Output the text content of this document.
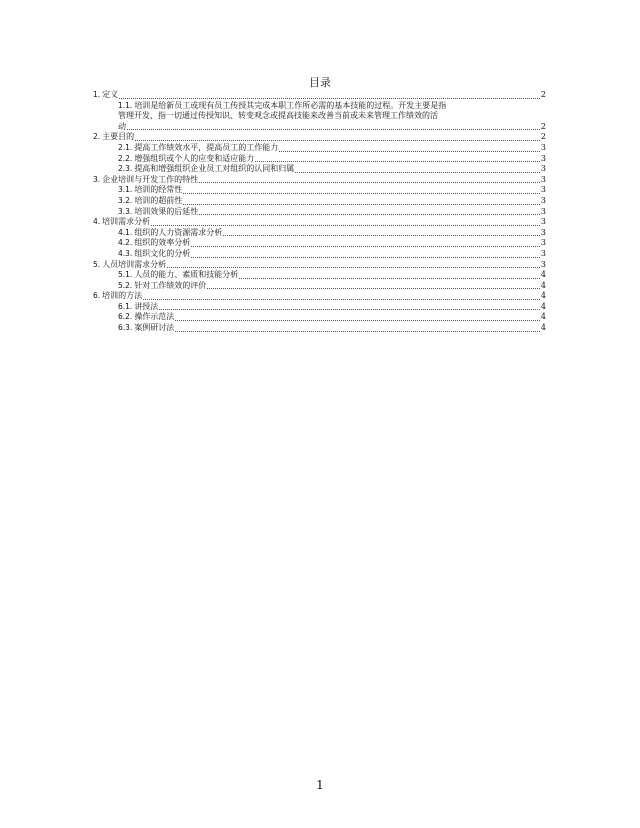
目录
1. 定义	2
1.1. 培训是给新员工或现有员工传授其完成本职工作所必需的基本技能的过程。开发主要是指
管理开发，指一切通过传授知识、转变观念或提高技能来改善当前或未来管理工作绩效的活
动	2
2. 主要目的	2
2.1. 提高工作绩效水平，提高员工的工作能力	3
2.2. 增强组织或个人的应变和适应能力	3
2.3. 提高和增强组织企业员工对组织的认同和归属	3
3. 企业培训与开发工作的特性	3
3.1. 培训的经常性	3
3.2. 培训的超前性	3
3.3. 培训效果的后延性	3
4. 培训需求分析	3
4.1. 组织的人力资源需求分析	3
4.2. 组织的效率分析	3
4.3. 组织文化的分析	3
5. 人员培训需求分析	3
5.1. 人员的能力、素质和技能分析	4
5.2. 针对工作绩效的评价	4
6. 培训的方法	4
6.1. 讲授法	4
6.2. 操作示范法	4
6.3. 案例研讨法	4
1
